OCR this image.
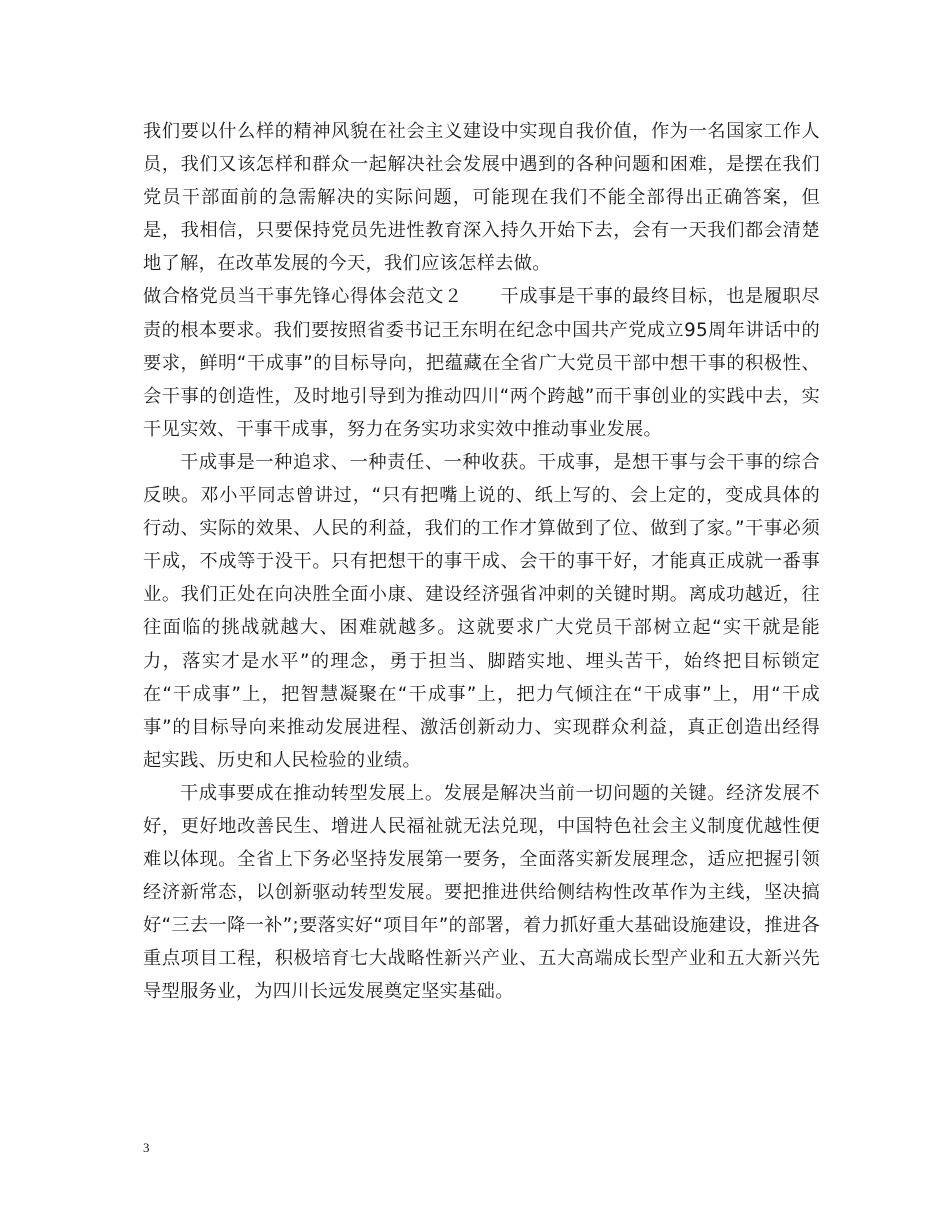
我们要以什么样的精神风貌在社会主义建设中实现自我价值，作为一名国家工作人员，我们又该怎样和群众一起解决社会发展中遇到的各种问题和困难，是摆在我们党员干部面前的急需解决的实际问题，可能现在我们不能全部得出正确答案，但是，我相信，只要保持党员先进性教育深入持久开始下去，会有一天我们都会清楚地了解，在改革发展的今天，我们应该怎样去做。

做合格党员当干事先锋心得体会范文２　　 干成事是干事的最终目标，也是履职尽责的根本要求。我们要按照省委书记王东明在纪念中国共产党成立95周年讲话中的要求，鲜明“干成事”的目标导向，把蕴藏在全省广大党员干部中想干事的积极性、会干事的创造性，及时地引导到为推动四川“两个跨越”而干事创业的实践中去，实干见实效、干事干成事，努力在务实功求实效中推动事业发展。

干成事是一种追求、一种责任、一种收获。干成事，是想干事与会干事的综合反映。邓小平同志曾讲过，“只有把嘴上说的、纸上写的、会上定的，变成具体的行动、实际的效果、人民的利益，我们的工作才算做到了位、做到了家。”干事必须干成，不成等于没干。只有把想干的事干成、会干的事干好，才能真正成就一番事业。我们正处在向决胜全面小康、建设经济强省冲刺的关键时期。离成功越近，往往面临的挑战就越大、困难就越多。这就要求广大党员干部树立起“实干就是能力，落实才是水平”的理念，勇于担当、脚踏实地、埋头苦干，始终把目标锁定在“干成事”上，把智慧凝聚在“干成事”上，把力气倾注在“干成事”上，用“干成事”的目标导向来推动发展进程、激活创新动力、实现群众利益，真正创造出经得起实践、历史和人民检验的业绩。

干成事要成在推动转型发展上。发展是解决当前一切问题的关键。经济发展不好，更好地改善民生、增进人民福祉就无法兑现，中国特色社会主义制度优越性便难以体现。全省上下务必坚持发展第一要务，全面落实新发展理念，适应把握引领经济新常态，以创新驱动转型发展。要把推进供给侧结构性改革作为主线，坚决搞好“三去一降一补”;要落实好“项目年”的部署，着力抓好重大基础设施建设，推进各重点项目工程，积极培育七大战略性新兴产业、五大高端成长型产业和五大新兴先导型服务业，为四川长远发展奠定坚实基础。

3
